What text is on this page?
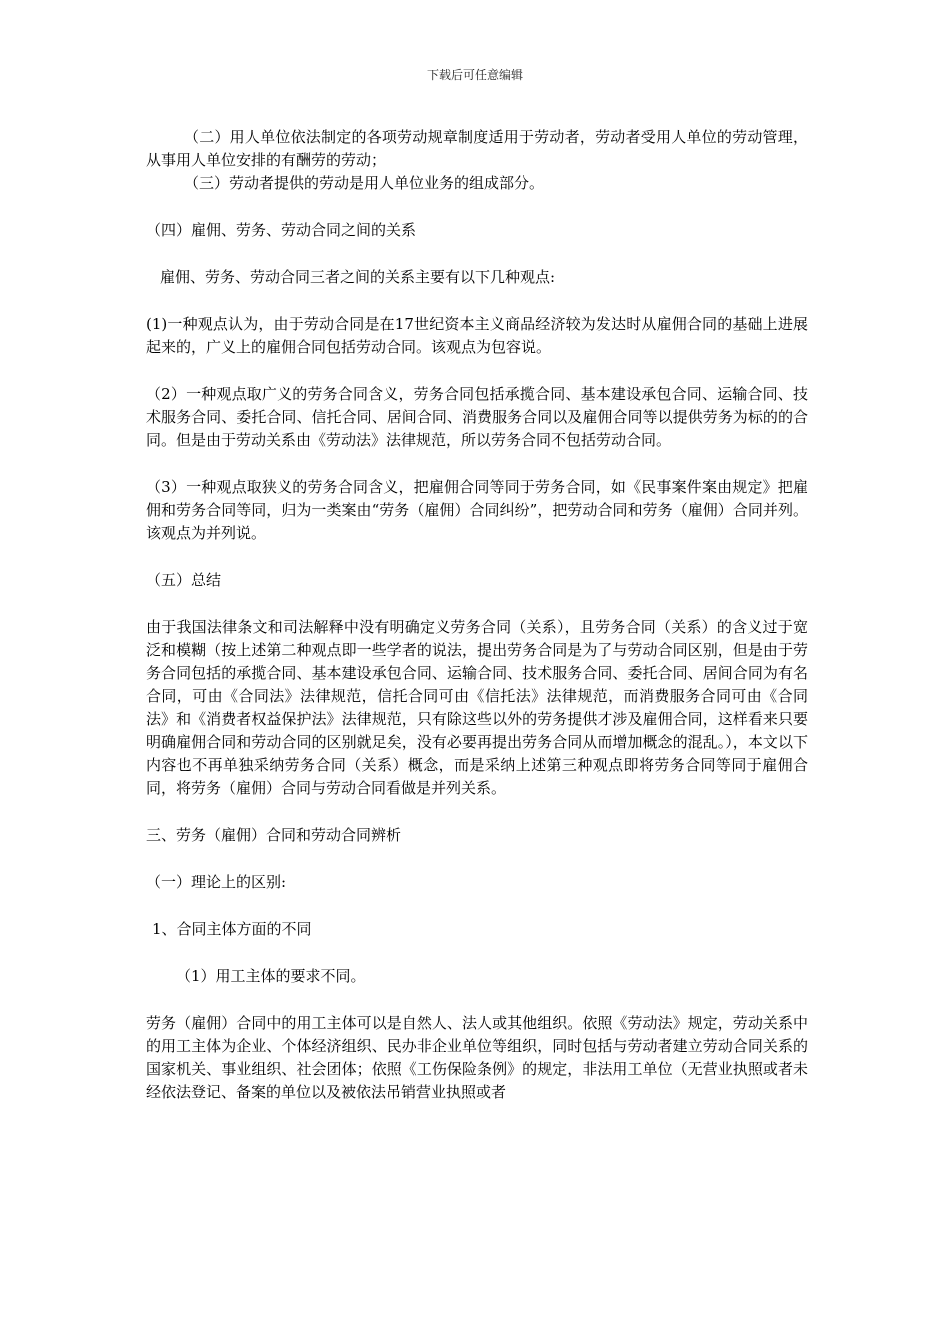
下载后可任意编辑

（二）用人单位依法制定的各项劳动规章制度适用于劳动者，劳动者受用人单位的劳动管理，从事用人单位安排的有酬劳的劳动；

（三）劳动者提供的劳动是用人单位业务的组成部分。

（四）雇佣、劳务、劳动合同之间的关系

雇佣、劳务、劳动合同三者之间的关系主要有以下几种观点:

(1)一种观点认为，由于劳动合同是在17世纪资本主义商品经济较为发达时从雇佣合同的基础上进展起来的，广义上的雇佣合同包括劳动合同。该观点为包容说。

（2）一种观点取广义的劳务合同含义，劳务合同包括承揽合同、基本建设承包合同、运输合同、技术服务合同、委托合同、信托合同、居间合同、消费服务合同以及雇佣合同等以提供劳务为标的的合同。但是由于劳动关系由《劳动法》法律规范，所以劳务合同不包括劳动合同。

（3）一种观点取狭义的劳务合同含义，把雇佣合同等同于劳务合同，如《民事案件案由规定》把雇佣和劳务合同等同，归为一类案由“劳务（雇佣）合同纠纷”，把劳动合同和劳务（雇佣）合同并列。该观点为并列说。

（五）总结

由于我国法律条文和司法解释中没有明确定义劳务合同（关系），且劳务合同（关系）的含义过于宽泛和模糊（按上述第二种观点即一些学者的说法，提出劳务合同是为了与劳动合同区别，但是由于劳务合同包括的承揽合同、基本建设承包合同、运输合同、技术服务合同、委托合同、居间合同为有名合同，可由《合同法》法律规范，信托合同可由《信托法》法律规范，而消费服务合同可由《合同法》和《消费者权益保护法》法律规范，只有除这些以外的劳务提供才涉及雇佣合同，这样看来只要明确雇佣合同和劳动合同的区别就足矣，没有必要再提出劳务合同从而增加概念的混乱。），本文以下内容也不再单独采纳劳务合同（关系）概念，而是采纳上述第三种观点即将劳务合同等同于雇佣合同，将劳务（雇佣）合同与劳动合同看做是并列关系。

三、劳务（雇佣）合同和劳动合同辨析

（一）理论上的区别:

1、合同主体方面的不同

（1）用工主体的要求不同。

劳务（雇佣）合同中的用工主体可以是自然人、法人或其他组织。依照《劳动法》规定，劳动关系中的用工主体为企业、个体经济组织、民办非企业单位等组织，同时包括与劳动者建立劳动合同关系的国家机关、事业组织、社会团体；依照《工伤保险条例》的规定，非法用工单位（无营业执照或者未经依法登记、备案的单位以及被依法吊销营业执照或者
